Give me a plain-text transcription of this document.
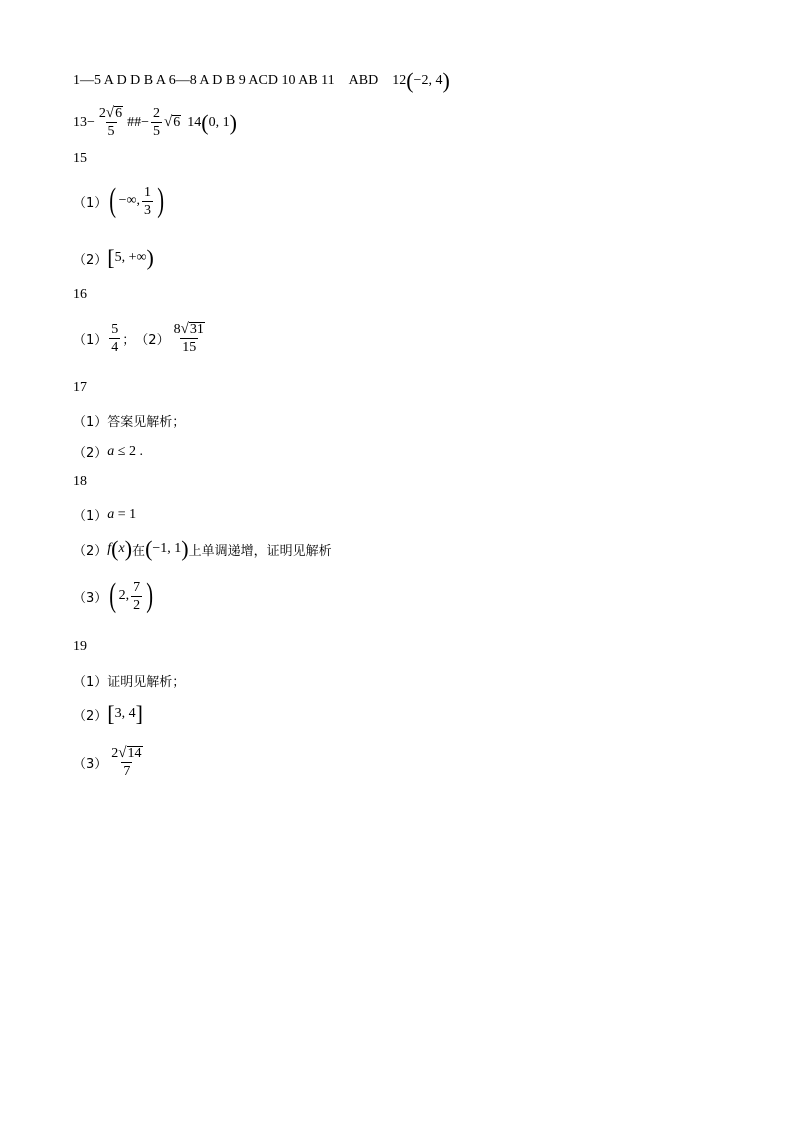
1—5 A D D B A 6—8 A D B 9 ACD 10 AB 11 ABD 12 ( −2, 4 )
$13 - \frac{2 √ 6}{5}$ ## − $\frac{2}{5}$ √ 6 14 ( 0, 1 )
15
（1） ( −∞, $\frac{1}{3}$ )
（2） [ 5, +∞ )
16
$(1) \frac{5}{4}$ ； $(2) \frac{8 √ 31}{15}$
17
（1） 答案见解析；
（2） a ≤ 2 .
18
（1） a = 1
（2） f ( x ) 在 ( −1, 1 ) 上单调递增，证明见解析
（3） ( 2, $\frac{7}{2}$ )
19
（1） 证明见解析；
（2） [ 3, 4 ]
$(3) \frac{2 √ 14}{7}$
